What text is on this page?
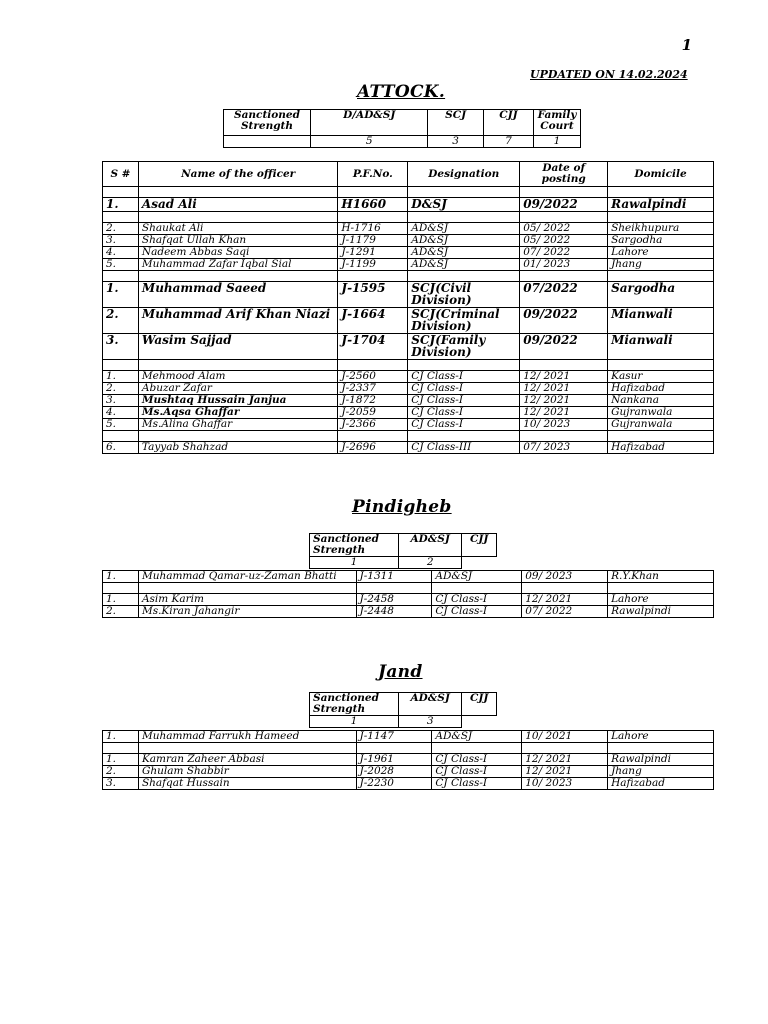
1
UPDATED ON 14.02.2024
ATTOCK.
Sanctioned Strength	D/AD&SJ	SCJ	CJJ	Family Court
	5	3	7	1
S #	Name of the officer	P.F.No.	Designation	Date of posting	Domicile

1.	Asad Ali	H1660	D&SJ	09/2022	Rawalpindi

2.	Shaukat Ali	H-1716	AD&SJ	05/ 2022	Sheikhupura
3.	Shafqat Ullah Khan	J-1179	AD&SJ	05/ 2022	Sargodha
4.	Nadeem Abbas Saqi	J-1291	AD&SJ	07/ 2022	Lahore
5.	Muhammad Zafar Iqbal Sial	J-1199	AD&SJ	01/ 2023	Jhang

1.	Muhammad Saeed	J-1595	SCJ(Civil Division)	07/2022	Sargodha
2.	Muhammad Arif Khan Niazi	J-1664	SCJ(Criminal Division)	09/2022	Mianwali
3.	Wasim Sajjad	J-1704	SCJ(Family Division)	09/2022	Mianwali

1.	Mehmood Alam	J-2560	CJ Class-I	12/ 2021	Kasur
2.	Abuzar Zafar	J-2337	CJ Class-I	12/ 2021	Hafizabad
3.	Mushtaq Hussain Janjua	J-1872	CJ Class-I	12/ 2021	Nankana
4.	Ms.Aqsa Ghaffar	J-2059	CJ Class-I	12/ 2021	Gujranwala
5.	Ms.Alina Ghaffar	J-2366	CJ Class-I	10/ 2023	Gujranwala

6.	Tayyab Shahzad	J-2696	CJ Class-III	07/ 2023	Hafizabad
Pindigheb
Sanctioned Strength	AD&SJ	CJJ
1	2	
1.	Muhammad Qamar-uz-Zaman Bhatti	J-1311	AD&SJ	09/ 2023	R.Y.Khan

1.	Asim Karim	J-2458	CJ Class-I	12/ 2021	Lahore
2.	Ms.Kiran Jahangir	J-2448	CJ Class-I	07/ 2022	Rawalpindi
Jand
Sanctioned Strength	AD&SJ	CJJ
1	3	
1.	Muhammad Farrukh Hameed	J-1147	AD&SJ	10/ 2021	Lahore

1.	Kamran Zaheer Abbasi	J-1961	CJ Class-I	12/ 2021	Rawalpindi
2.	Ghulam Shabbir	J-2028	CJ Class-I	12/ 2021	Jhang
3.	Shafqat Hussain	J-2230	CJ Class-I	10/ 2023	Hafizabad
